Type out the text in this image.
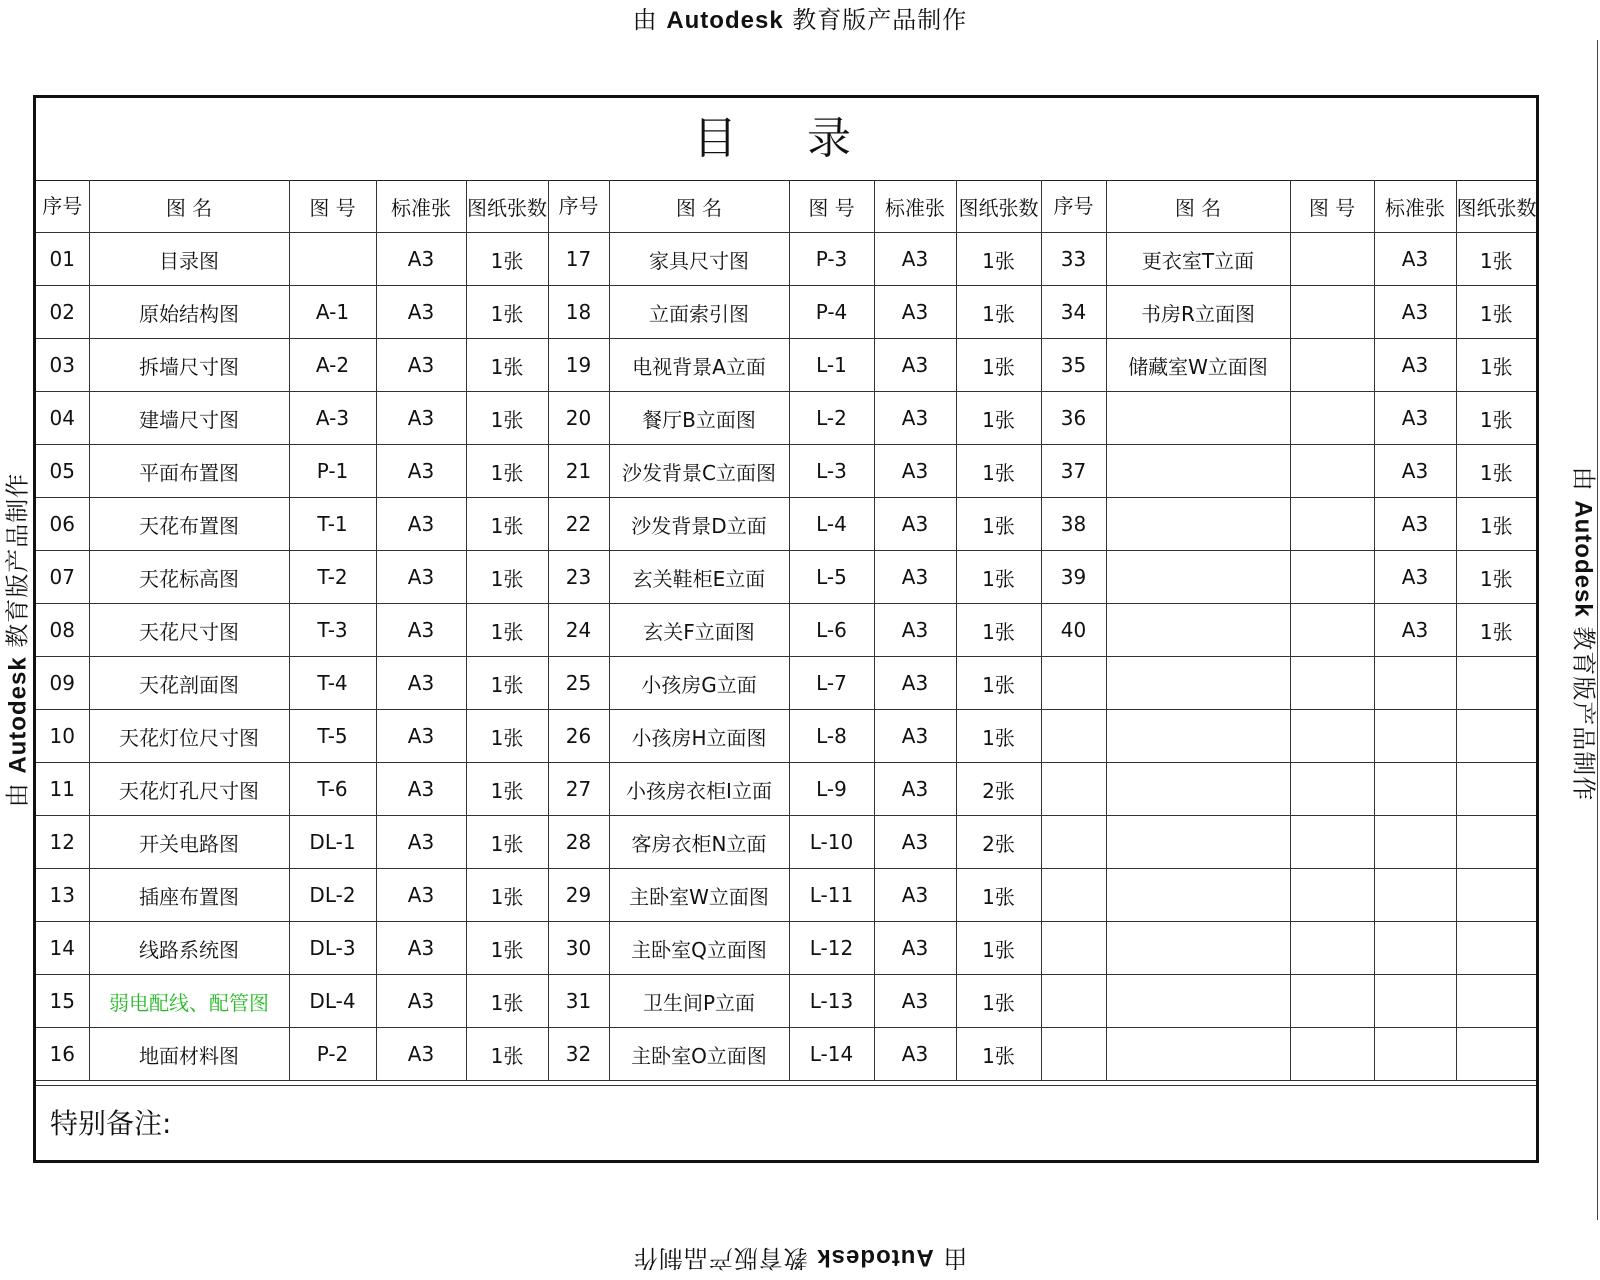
由 Autodesk 教育版产品制作
由 Autodesk 教育版产品制作
由 Autodesk 教育版产品制作	由 Autodesk 教育版产品制作
目 录
序号	图 名	图 号	标准张	图纸张数	序号	图 名	图 号	标准张	图纸张数	序号	图 名	图 号	标准张	图纸张数
01	目录图		A3	1张	17	家具尺寸图	P-3	A3	1张	33	更衣室T立面		A3	1张
02	原始结构图	A-1	A3	1张	18	立面索引图	P-4	A3	1张	34	书房R立面图		A3	1张
03	拆墙尺寸图	A-2	A3	1张	19	电视背景A立面	L-1	A3	1张	35	储藏室W立面图		A3	1张
04	建墙尺寸图	A-3	A3	1张	20	餐厅B立面图	L-2	A3	1张	36			A3	1张
05	平面布置图	P-1	A3	1张	21	沙发背景C立面图	L-3	A3	1张	37			A3	1张
06	天花布置图	T-1	A3	1张	22	沙发背景D立面	L-4	A3	1张	38			A3	1张
07	天花标高图	T-2	A3	1张	23	玄关鞋柜E立面	L-5	A3	1张	39			A3	1张
08	天花尺寸图	T-3	A3	1张	24	玄关F立面图	L-6	A3	1张	40			A3	1张
09	天花剖面图	T-4	A3	1张	25	小孩房G立面	L-7	A3	1张					
10	天花灯位尺寸图	T-5	A3	1张	26	小孩房H立面图	L-8	A3	1张					
11	天花灯孔尺寸图	T-6	A3	1张	27	小孩房衣柜I立面	L-9	A3	2张					
12	开关电路图	DL-1	A3	1张	28	客房衣柜N立面	L-10	A3	2张					
13	插座布置图	DL-2	A3	1张	29	主卧室W立面图	L-11	A3	1张					
14	线路系统图	DL-3	A3	1张	30	主卧室Q立面图	L-12	A3	1张					
15	弱电配线、配管图	DL-4	A3	1张	31	卫生间P立面	L-13	A3	1张					
16	地面材料图	P-2	A3	1张	32	主卧室O立面图	L-14	A3	1张					
特别备注:
